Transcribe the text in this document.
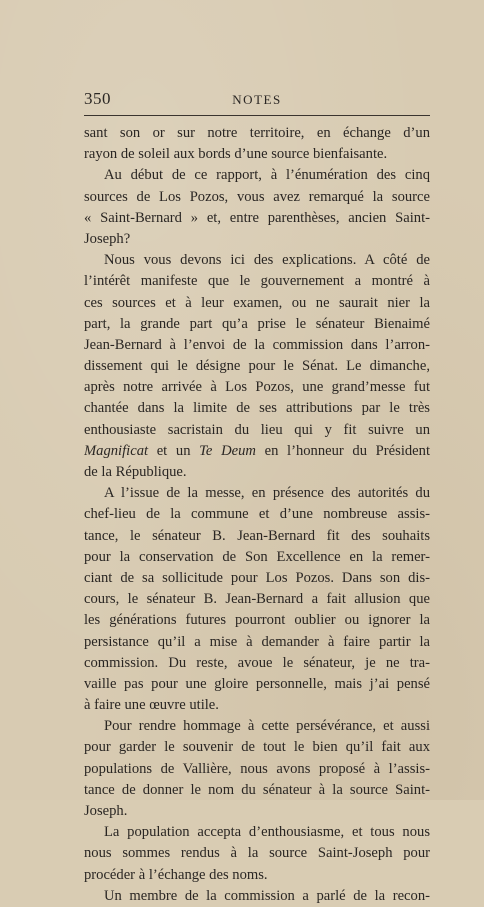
350	NOTES
sant son or sur notre territoire, en échange d’un
rayon de soleil aux bords d’une source bienfaisante.
Au début de ce rapport, à l’énumération des cinq
sources de Los Pozos, vous avez remarqué la source
« Saint-Bernard » et, entre parenthèses, ancien Saint-
Joseph?
Nous vous devons ici des explications. A côté de
l’intérêt manifeste que le gouvernement a montré à
ces sources et à leur examen, ou ne saurait nier la
part, la grande part qu’a prise le sénateur Bienaimé
Jean-Bernard à l’envoi de la commission dans l’arron-
dissement qui le désigne pour le Sénat. Le dimanche,
après notre arrivée à Los Pozos, une grand’messe fut
chantée dans la limite de ses attributions par le très
enthousiaste sacristain du lieu qui y fit suivre un
Magnificat et un Te Deum en l’honneur du Président
de la République.
A l’issue de la messe, en présence des autorités du
chef-lieu de la commune et d’une nombreuse assis-
tance, le sénateur B. Jean-Bernard fit des souhaits
pour la conservation de Son Excellence en la remer-
ciant de sa sollicitude pour Los Pozos. Dans son dis-
cours, le sénateur B. Jean-Bernard a fait allusion que
les générations futures pourront oublier ou ignorer la
persistance qu’il a mise à demander à faire partir la
commission. Du reste, avoue le sénateur, je ne tra-
vaille pas pour une gloire personnelle, mais j’ai pensé
à faire une œuvre utile.
Pour rendre hommage à cette persévérance, et aussi
pour garder le souvenir de tout le bien qu’il fait aux
populations de Vallière, nous avons proposé à l’assis-
tance de donner le nom du sénateur à la source Saint-
Joseph.
La population accepta d’enthousiasme, et tous nous
nous sommes rendus à la source Saint-Joseph pour
procéder à l’échange des noms.
Un membre de la commission a parlé de la recon-
